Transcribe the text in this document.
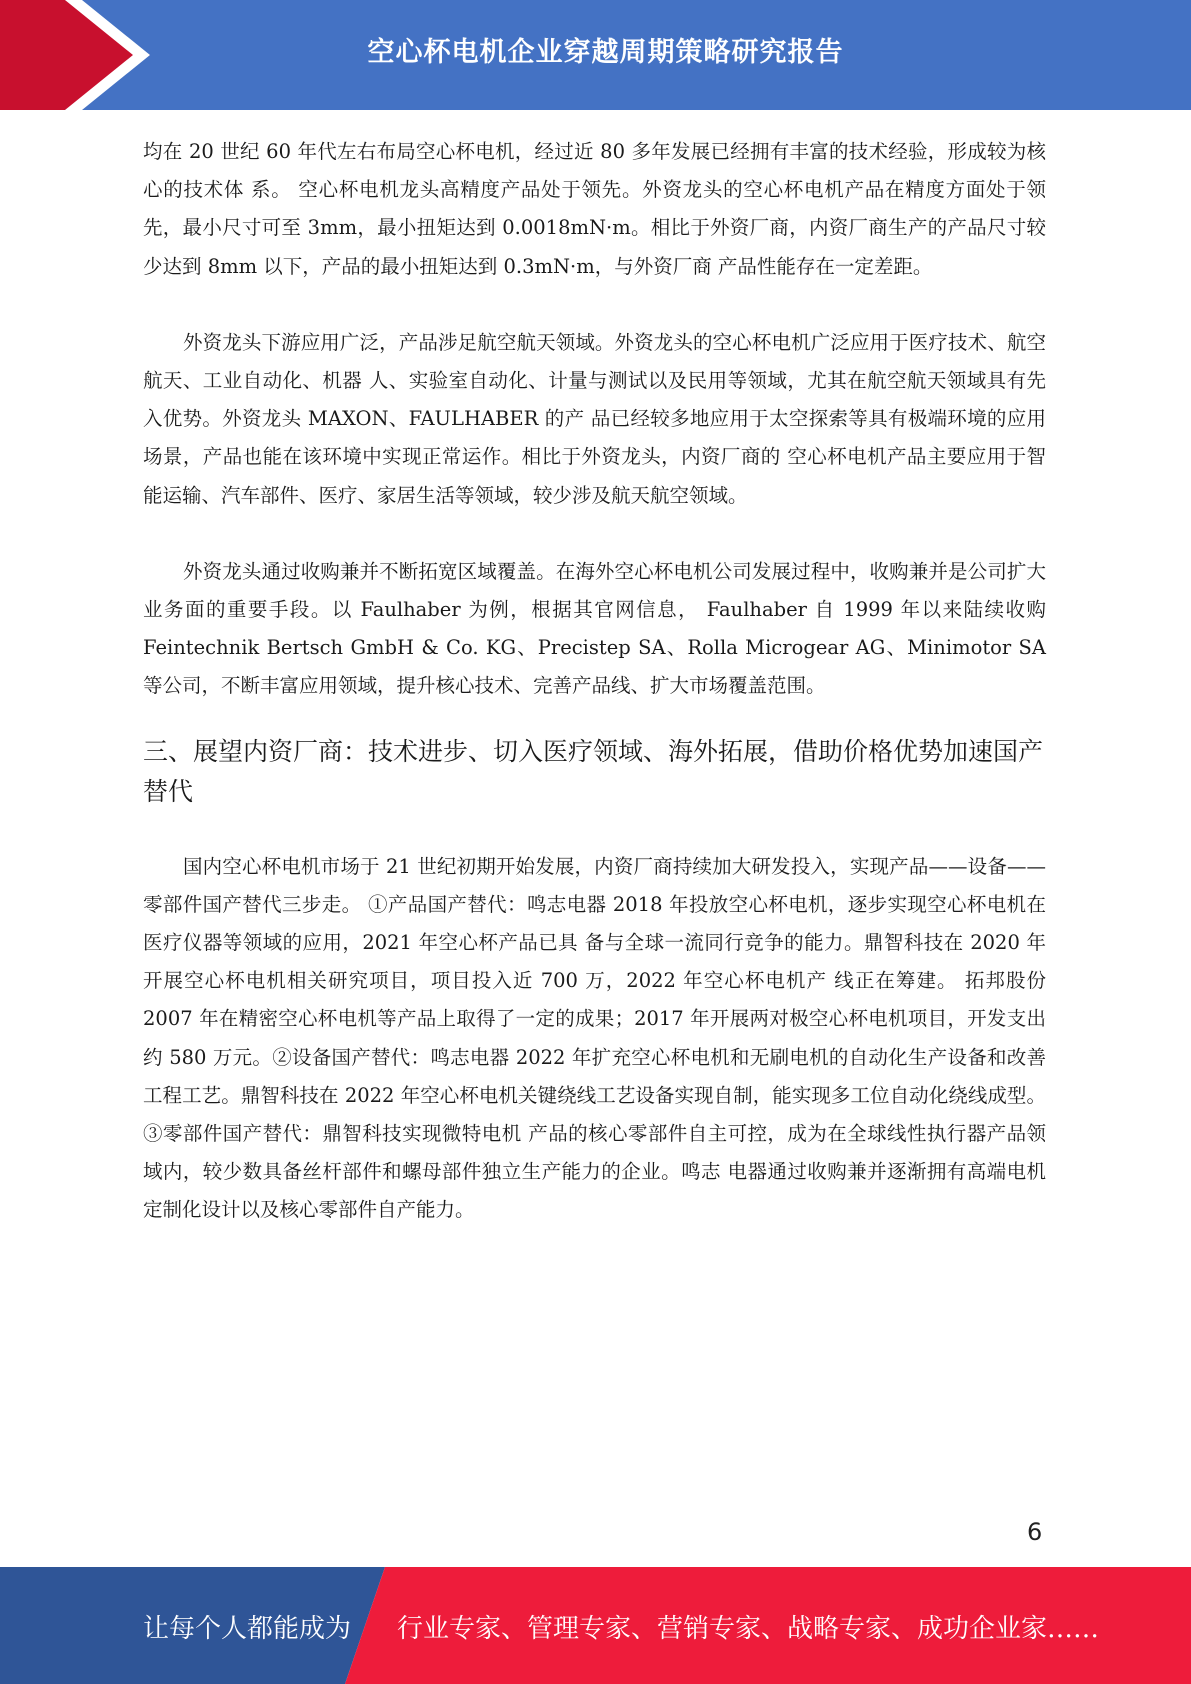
空心杯电机企业穿越周期策略研究报告

均在 20 世纪 60 年代左右布局空心杯电机，经过近 80 多年发展已经拥有丰富的技术经验，形成较为核心的技术体 系。 空心杯电机龙头高精度产品处于领先。外资龙头的空心杯电机产品在精度方面处于领先，最小尺寸可至 3mm，最小扭矩达到 0.0018mN·m。相比于外资厂商，内资厂商生产的产品尺寸较少达到 8mm 以下，产品的最小扭矩达到 0.3mN·m，与外资厂商 产品性能存在一定差距。

外资龙头下游应用广泛，产品涉足航空航天领域。外资龙头的空心杯电机广泛应用于医疗技术、航空航天、工业自动化、机器 人、实验室自动化、计量与测试以及民用等领域，尤其在航空航天领域具有先入优势。外资龙头 MAXON、FAULHABER 的产 品已经较多地应用于太空探索等具有极端环境的应用场景，产品也能在该环境中实现正常运作。相比于外资龙头，内资厂商的 空心杯电机产品主要应用于智能运输、汽车部件、医疗、家居生活等领域，较少涉及航天航空领域。

外资龙头通过收购兼并不断拓宽区域覆盖。在海外空心杯电机公司发展过程中，收购兼并是公司扩大业务面的重要手段。以 Faulhaber 为例，根据其官网信息， Faulhaber 自 1999 年以来陆续收购 Feintechnik Bertsch GmbH & Co. KG、Precistep SA、Rolla Microgear AG、Minimotor SA 等公司，不断丰富应用领域，提升核心技术、完善产品线、扩大市场覆盖范围。

三、展望内资厂商：技术进步、切入医疗领域、海外拓展，借助价格优势加速国产替代

国内空心杯电机市场于 21 世纪初期开始发展，内资厂商持续加大研发投入，实现产品——设备——零部件国产替代三步走。 ①产品国产替代：鸣志电器 2018 年投放空心杯电机，逐步实现空心杯电机在医疗仪器等领域的应用，2021 年空心杯产品已具 备与全球一流同行竞争的能力。鼎智科技在 2020 年开展空心杯电机相关研究项目，项目投入近 700 万，2022 年空心杯电机产 线正在筹建。 拓邦股份 2007 年在精密空心杯电机等产品上取得了一定的成果；2017 年开展两对极空心杯电机项目，开发支出 约 580 万元。②设备国产替代：鸣志电器 2022 年扩充空心杯电机和无刷电机的自动化生产设备和改善工程工艺。鼎智科技在 2022 年空心杯电机关键绕线工艺设备实现自制，能实现多工位自动化绕线成型。 ③零部件国产替代：鼎智科技实现微特电机 产品的核心零部件自主可控，成为在全球线性执行器产品领域内，较少数具备丝杆部件和螺母部件独立生产能力的企业。鸣志 电器通过收购兼并逐渐拥有高端电机定制化设计以及核心零部件自产能力。

6
让每个人都能成为 行业专家、管理专家、营销专家、战略专家、成功企业家……
